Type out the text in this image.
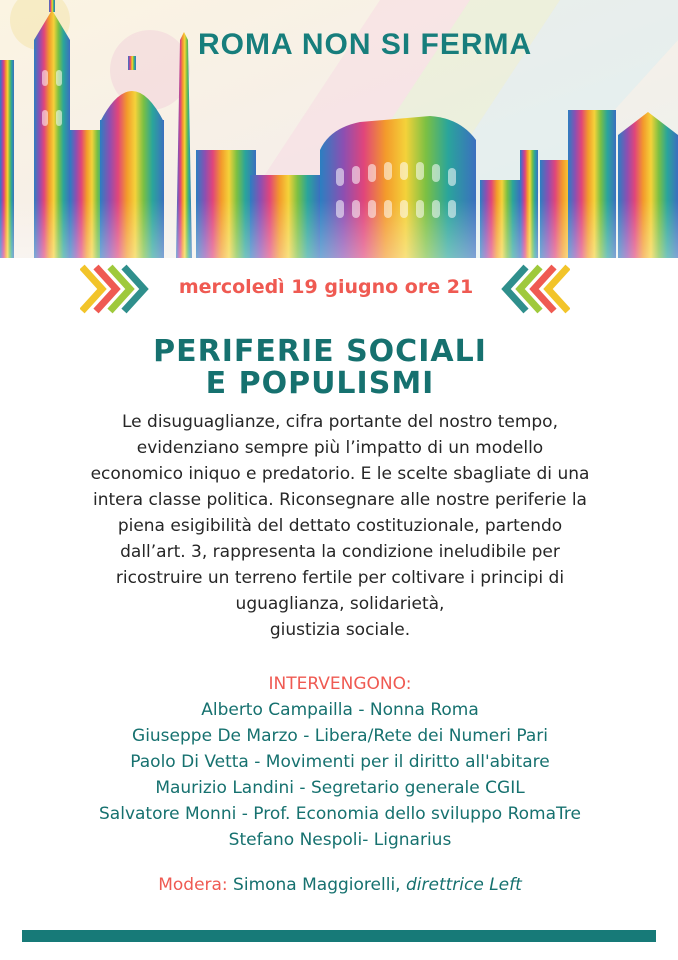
ROMA NON SI FERMA
mercoledì 19 giugno ore 21
PERIFERIE SOCIALI
E POPULISMI
Le disuguaglianze, cifra portante del nostro tempo,
evidenziano sempre più l’impatto di un modello
economico iniquo e predatorio. E le scelte sbagliate di una
intera classe politica. Riconsegnare alle nostre periferie la
piena esigibilità del dettato costituzionale, partendo
dall’art. 3, rappresenta la condizione ineludibile per
ricostruire un terreno fertile per coltivare i principi di
uguaglianza, solidarietà,
giustizia sociale.
INTERVENGONO:
Alberto Campailla - Nonna Roma
Giuseppe De Marzo - Libera/Rete dei Numeri Pari
Paolo Di Vetta - Movimenti per il diritto all'abitare
Maurizio Landini - Segretario generale CGIL
Salvatore Monni - Prof. Economia dello sviluppo RomaTre
Stefano Nespoli- Lignarius
Modera: Simona Maggiorelli, direttrice Left
